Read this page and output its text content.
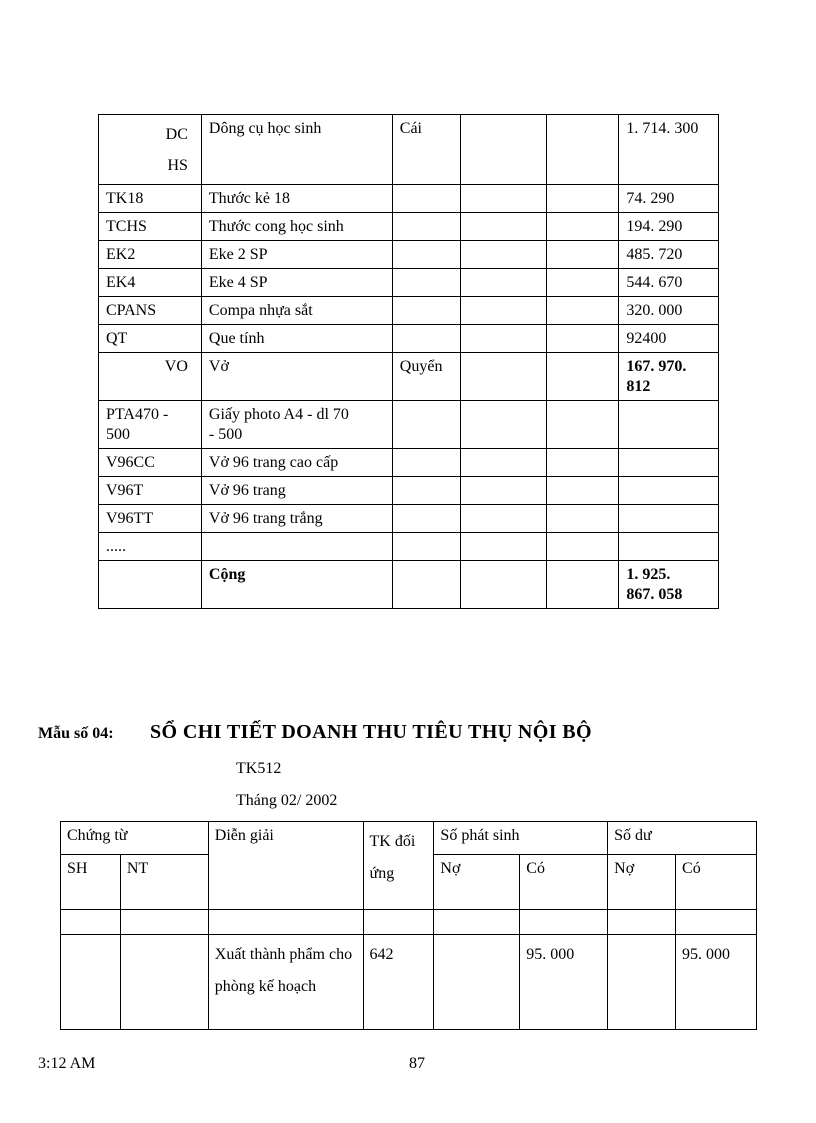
DC
HS	Dông cụ học sinh	Cái			1. 714. 300
TK18	Thước kẻ 18				74. 290
TCHS	Thước cong học sinh				194. 290
EK2	Eke 2 SP				485. 720
EK4	Eke 4 SP				544. 670
CPANS	Compa nhựa sắt				320. 000
QT	Que tính				92400
VO	Vở	Quyển			167. 970.
812
PTA470 -
500	Giấy photo A4 - dl 70
- 500				
V96CC	Vở 96 trang cao cấp				
V96T	Vở 96 trang				
V96TT	Vở 96 trang trắng				
.....					
	Cộng				1. 925.
867. 058
Mẫu số 04: SỔ CHI TIẾT DOANH THU TIÊU THỤ NỘI BỘ
TK512
Tháng 02/ 2002
Chứng từ		Diễn giải	TK đối ứng	Số phát sinh		Số dư	
SH	NT			Nợ	Có	Nợ	Có

		Xuất thành phẩm cho phòng kế hoạch	642		95. 000		95. 000
3:12 AM	87
